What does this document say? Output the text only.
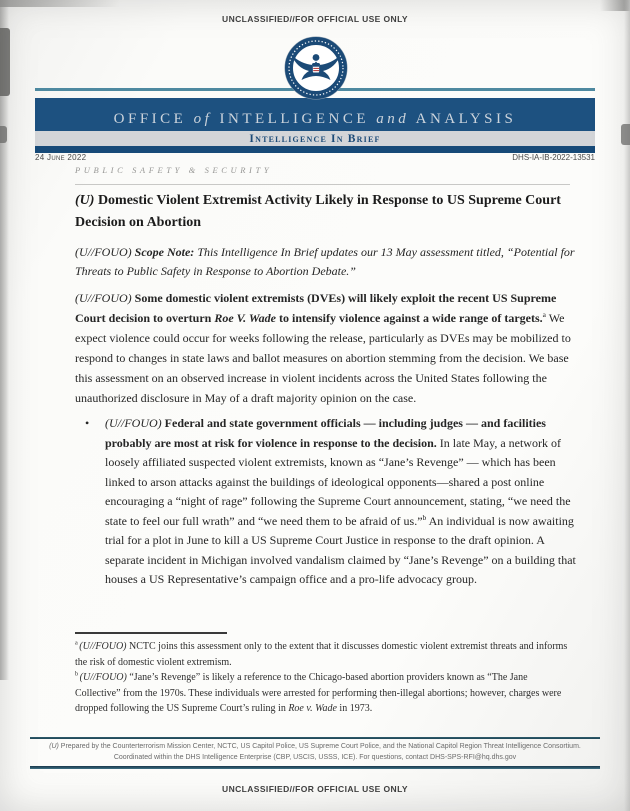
UNCLASSIFIED//FOR OFFICIAL USE ONLY
OFFICE of INTELLIGENCE and ANALYSIS
Intelligence In Brief
24 June 2022	DHS-IA-IB-2022-13531
PUBLIC SAFETY & SECURITY
(U) Domestic Violent Extremist Activity Likely in Response to US Supreme Court Decision on Abortion
(U//FOUO) Scope Note: This Intelligence In Brief updates our 13 May assessment titled, “Potential for Threats to Public Safety in Response to Abortion Debate.”
(U//FOUO) Some domestic violent extremists (DVEs) will likely exploit the recent US Supreme Court decision to overturn Roe V. Wade to intensify violence against a wide range of targets.$^a$ We expect violence could occur for weeks following the release, particularly as DVEs may be mobilized to respond to changes in state laws and ballot measures on abortion stemming from the decision. We base this assessment on an observed increase in violent incidents across the United States following the unauthorized disclosure in May of a draft majority opinion on the case.
•	(U//FOUO) Federal and state government officials — including judges — and facilities probably are most at risk for violence in response to the decision. In late May, a network of loosely affiliated suspected violent extremists, known as “Jane’s Revenge” — which has been linked to arson attacks against the buildings of ideological opponents—shared a post online encouraging a “night of rage” following the Supreme Court announcement, stating, “we need the state to feel our full wrath” and “we need them to be afraid of us.”$^b$ An individual is now awaiting trial for a plot in June to kill a US Supreme Court Justice in response to the draft opinion. A separate incident in Michigan involved vandalism claimed by “Jane’s Revenge” on a building that houses a US Representative’s campaign office and a pro-life advocacy group.

$^a$ (U//FOUO) NCTC joins this assessment only to the extent that it discusses domestic violent extremist threats and informs the risk of domestic violent extremism.

$^b$ (U//FOUO) “Jane’s Revenge” is likely a reference to the Chicago-based abortion providers known as “The Jane Collective” from the 1970s. These individuals were arrested for performing then-illegal abortions; however, charges were dropped following the US Supreme Court’s ruling in Roe v. Wade in 1973.

(U) Prepared by the Counterterrorism Mission Center, NCTC, US Capitol Police, US Supreme Court Police, and the National Capitol Region Threat Intelligence Consortium. Coordinated within the DHS Intelligence Enterprise (CBP, USCIS, USSS, ICE). For questions, contact DHS-SPS-RFI@hq.dhs.gov
UNCLASSIFIED//FOR OFFICIAL USE ONLY
